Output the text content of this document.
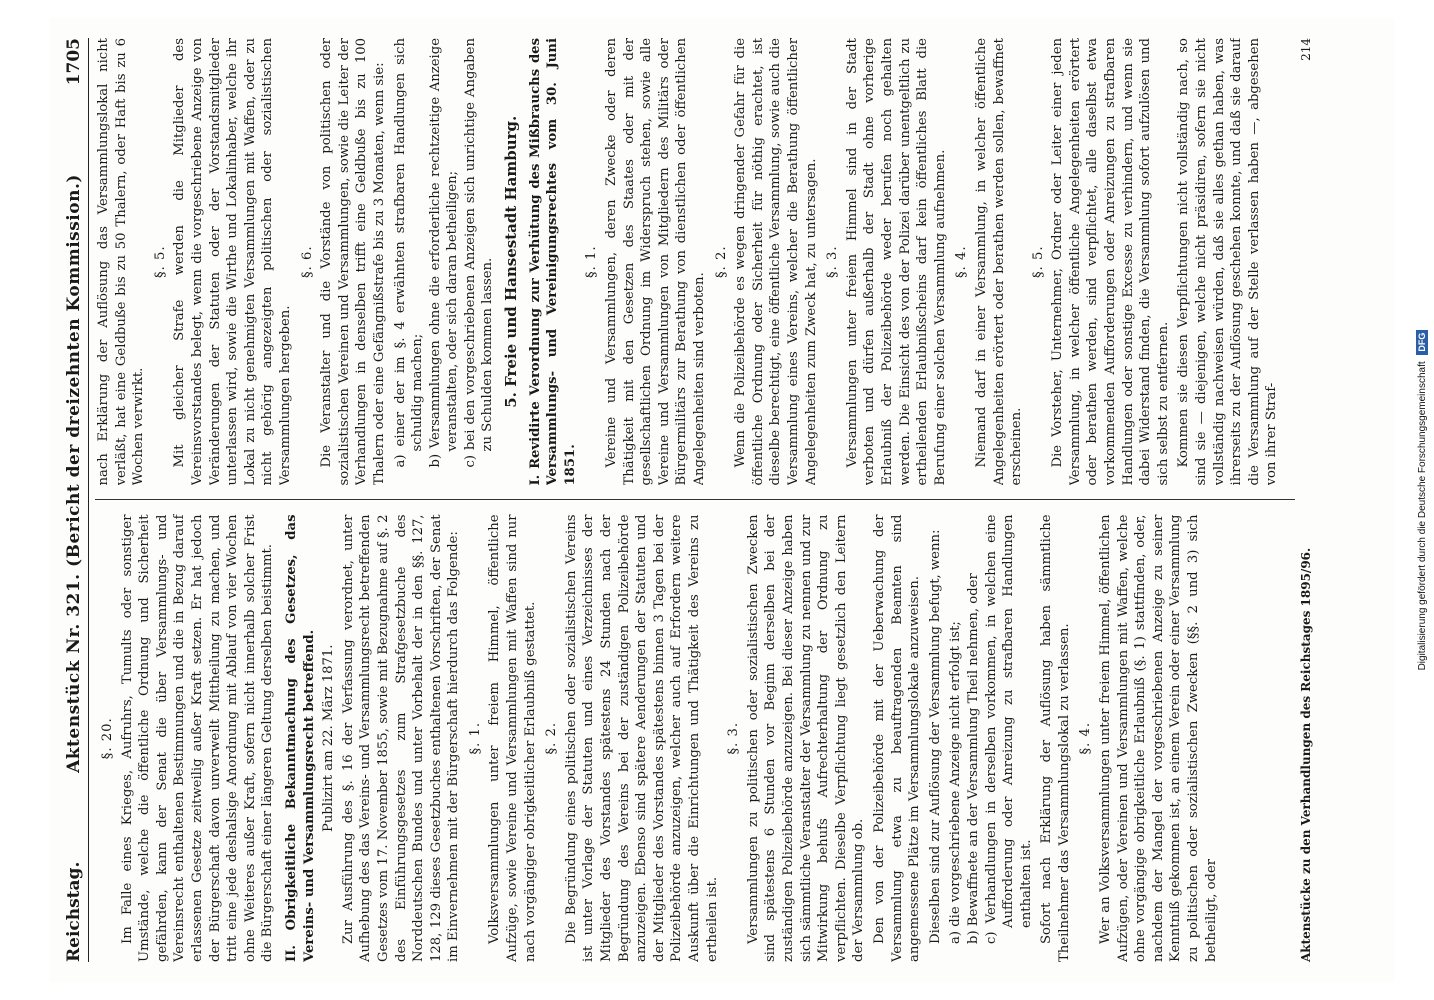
Reichstag.
Aktenstück Nr. 321. (Bericht der dreizehnten Kommission.)
1705
§. 20. Im Falle eines Krieges, Aufruhrs, Tumults oder sonstiger Umstände, welche die öffentliche Ordnung und Sicherheit gefährden, kann der Senat die über Versammlungs- und Vereinsrecht enthaltenen Bestimmungen und die in Bezug darauf erlassenen Gesetze zeitweilig außer Kraft setzen. Er hat jedoch der Bürgerschaft davon unverweilt Mittheilung zu machen, und tritt eine jede deshalsige Anordnung mit Ablauf von vier Wochen ohne Weiteres außer Kraft, sofern nicht innerhalb solcher Frist die Bürgerschaft einer längeren Geltung derselben beistimmt. II. Obrigkeitliche Bekanntmachung des Gesetzes, das Vereins- und Versammlungsrecht betreffend. Publizirt am 22. März 1871. Zur Ausführung des §. 16 der Verfassung verordnet, unter Aufhebung des das Vereins- und Versammlungsrecht betreffenden Gesetzes vom 17. November 1855, sowie mit Bezugnahme auf §. 2 des Einführungsgesetzes zum Strafgesetzbuche des Norddeutschen Bundes und unter Vorbehalt der in den §§. 127, 128, 129 dieses Gesetzbuches enthaltenen Vorschriften, der Senat im Einvernehmen mit der Bürgerschaft hierdurch das Folgende: §. 1. Volksversammlungen unter freiem Himmel, öffentliche Aufzüge, sowie Vereine und Versammlungen mit Waffen sind nur nach vorgängiger obrigkeitlicher Erlaubniß gestattet. §. 2. Die Begründung eines politischen oder sozialistischen Vereins ist unter Vorlage der Statuten und eines Verzeichnisses der Mitglieder des Vorstandes spätestens 24 Stunden nach der Begründung des Vereins bei der zuständigen Polizeibehörde anzuzeigen. Ebenso sind spätere Aenderungen der Statuten und der Mitglieder des Vorstandes spätestens binnen 3 Tagen bei der Polizeibehörde anzuzeigen, welcher auch auf Erfordern weitere Auskunft über die Einrichtungen und Thätigkeit des Vereins zu ertheilen ist.

§. 3. Versammlungen zu politischen oder sozialistischen Zwecken sind spätestens 6 Stunden vor Beginn derselben bei der zuständigen Polizeibehörde anzuzeigen. Bei dieser Anzeige haben sich sämmtliche Veranstalter der Versammlung zu nennen und zur Mitwirkung behufs Aufrechterhaltung der Ordnung zu verpflichten. Dieselbe Verpflichtung liegt gesetzlich den Leitern der Versammlung ob. Den von der Polizeibehörde mit der Ueberwachung der Versammlung etwa zu beauftragenden Beamten sind angemessene Plätze im Versammlungslokale anzuweisen. Dieselben sind zur Auflösung der Versammlung befugt, wenn: a) die vorgeschriebene Anzeige nicht erfolgt ist; b) Bewaffnete an der Versammlung Theil nehmen, oder c) Verhandlungen in derselben vorkommen, in welchen eine Aufforderung oder Anreizung zu strafbaren Handlungen enthalten ist. Sofort nach Erklärung der Auflösung haben sämmtliche Theilnehmer das Versammlungslokal zu verlassen. §. 4. Wer an Volksversammlungen unter freiem Himmel, öffentlichen Aufzügen, oder Vereinen und Versammlungen mit Waffen, welche ohne vorgängige obrigkeitliche Erlaubniß (§. 1) stattfinden, oder, nachdem der Mangel der vorgeschriebenen Anzeige zu seiner Kenntniß gekommen ist, an einem Verein oder einer Versammlung zu politischen oder sozialistischen Zwecken (§§. 2 und 3) sich betheiligt, oder

nach Erklärung der Auflösung das Versammlungslokal nicht verläßt, hat eine Geldbuße bis zu 50 Thalern, oder Haft bis zu 6 Wochen verwirkt.

§. 5. Mit gleicher Strafe werden die Mitglieder des Vereinsvorstandes belegt, wenn die vorgeschriebene Anzeige von Veränderungen der Statuten oder der Vorstandsmitglieder unterlassen wird, sowie die Wirthe und Lokalinhaber, welche ihr Lokal zu nicht genehmigten Versammlungen mit Waffen, oder zu nicht gehörig angezeigten politischen oder sozialistischen Versammlungen hergeben.

§. 6. Die Veranstalter und die Vorstände von politischen oder sozialistischen Vereinen und Versammlungen, sowie die Leiter der Verhandlungen in denselben trifft eine Geldbuße bis zu 100 Thalern oder eine Gefängnißstrafe bis zu 3 Monaten, wenn sie: a) einer der im §. 4 erwähnten strafbaren Handlungen sich schuldig machen; b) Versammlungen ohne die erforderliche rechtzeitige Anzeige veranstalten, oder sich daran betheiligen; c) bei den vorgeschriebenen Anzeigen sich unrichtige Angaben zu Schulden kommen lassen. 5. Freie und Hansestadt Hamburg. I. Revidirte Verordnung zur Verhütung des Mißbrauchs des Versammlungs- und Vereinigungsrechtes vom 30. Juni 1851.
§. 1. Vereine und Versammlungen, deren Zwecke oder deren Thätigkeit mit den Gesetzen des Staates oder mit der gesellschaftlichen Ordnung im Widerspruch stehen, sowie alle Vereine und Versammlungen von Mitgliedern des Militärs oder Bürgermilitärs zur Berathung von dienstlichen oder öffentlichen Angelegenheiten sind verboten.

§. 2. Wenn die Polizeibehörde es wegen dringender Gefahr für die öffentliche Ordnung oder Sicherheit für nöthig erachtet, ist dieselbe berechtigt, eine öffentliche Versammlung, sowie auch die Versammlung eines Vereins, welcher die Berathung öffentlicher Angelegenheiten zum Zweck hat, zu untersagen. §. 3. Versammlungen unter freiem Himmel sind in der Stadt verboten und dürfen außerhalb der Stadt ohne vorherige Erlaubniß der Polizeibehörde weder berufen noch gehalten werden. Die Einsicht des von der Polizei darüber unentgeltlich zu ertheilenden Erlaubnißscheins darf kein öffentliches Blatt die Berufung einer solchen Versammlung aufnehmen. §. 4. Niemand darf in einer Versammlung, in welcher öffentliche Angelegenheiten erörtert oder berathen werden sollen, bewaffnet erscheinen.

§. 5. Die Vorsteher, Unternehmer, Ordner oder Leiter einer jeden Versammlung, in welcher öffentliche Angelegenheiten erörtert oder berathen werden, sind verpflichtet, alle daselbst etwa vorkommenden Aufforderungen oder Anreizungen zu strafbaren Handlungen oder sonstige Excesse zu verhindern, und wenn sie dabei Widerstand finden, die Versammlung sofort aufzulösen und sich selbst zu entfernen. Kommen sie diesen Verpflichtungen nicht vollständig nach, so sind sie — diejenigen, welche nicht präsidiren, sofern sie nicht vollständig nachweisen würden, daß sie alles gethan haben, was ihrerseits zu der Auflösung geschehen konnte, und daß sie darauf die Versammlung auf der Stelle verlassen haben —, abgesehen von ihrer Straf-

Aktenstücke zu den Verhandlungen des Reichstages 1895/96.
214
Digitalisierung gefördert durch die Deutsche Forschungsgemeinschaft DFG
